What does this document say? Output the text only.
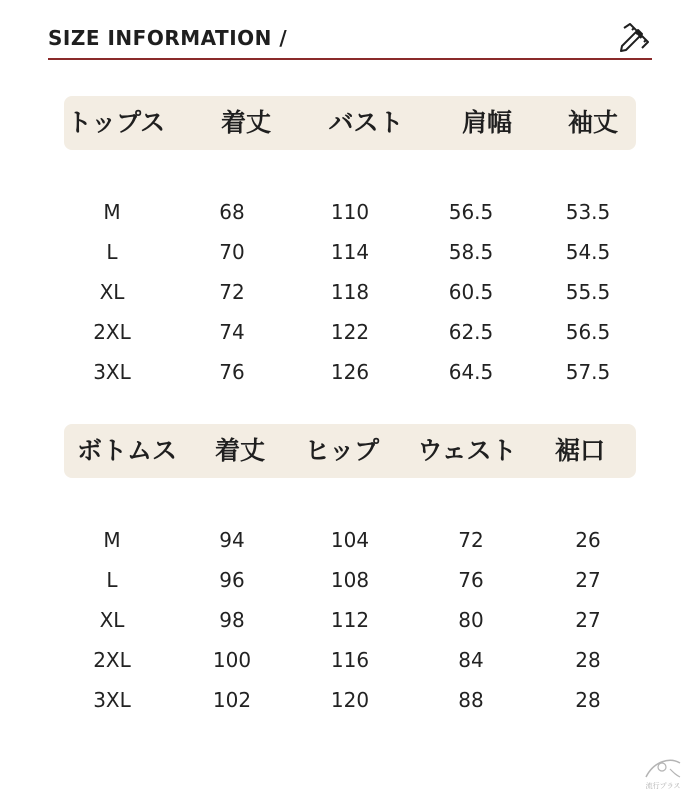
SIZE INFORMATION /
トップス 着丈 バスト 肩幅 袖丈
M	68	110	56.5	53.5
L	70	114	58.5	54.5
XL	72	118	60.5	55.5
2XL	74	122	62.5	56.5
3XL	76	126	64.5	57.5
ボトムス 着丈 ヒップ ウェスト 裾口
M	94	104	72	26
L	96	108	76	27
XL	98	112	80	27
2XL	100	116	84	28
3XL	102	120	88	28
流行プラス
